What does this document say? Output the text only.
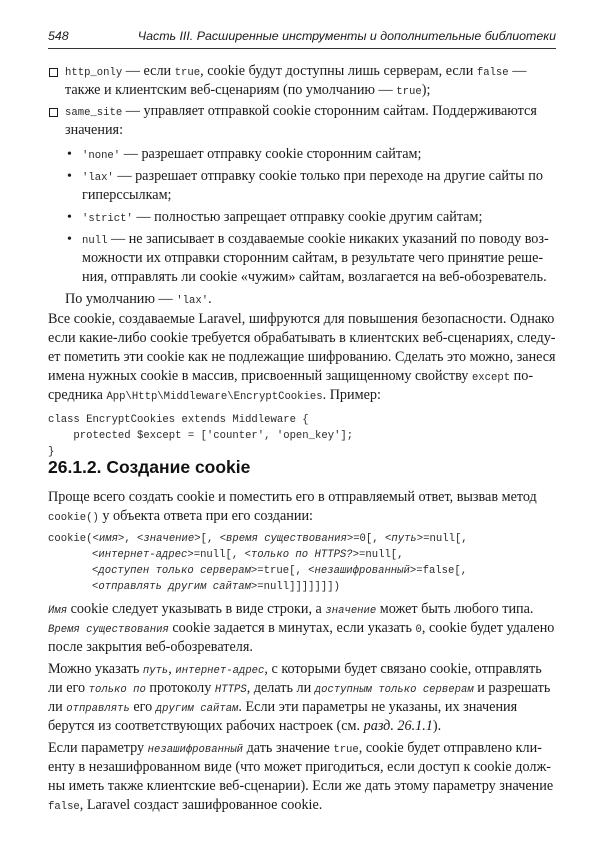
548	Часть III. Расширенные инструменты и дополнительные библиотеки
http_only — если true, cookie будут доступны лишь серверам, если false —
также и клиентским веб-сценариям (по умолчанию — true);
same_site — управляет отправкой cookie сторонним сайтам. Поддерживаются
значения:
• 'none' — разрешает отправку cookie сторонним сайтам;
• 'lax' — разрешает отправку cookie только при переходе на другие сайты по
гиперссылкам;
• 'strict' — полностью запрещает отправку cookie другим сайтам;
• null — не записывает в создаваемые cookie никаких указаний по поводу воз-
можности их отправки сторонним сайтам, в результате чего принятие реше-
ния, отправлять ли cookie «чужим» сайтам, возлагается на веб-обозреватель.
По умолчанию — 'lax'.
Все cookie, создаваемые Laravel, шифруются для повышения безопасности. Однако
если какие-либо cookie требуется обрабатывать в клиентских веб-сценариях, следу-
ет пометить эти cookie как не подлежащие шифрованию. Сделать это можно, занеся
имена нужных cookie в массив, присвоенный защищенному свойству except по-
средника App\Http\Middleware\EncryptCookies. Пример:
class EncryptCookies extends Middleware {
protected $except = ['counter', 'open_key'];
}
26.1.2. Создание cookie
Проще всего создать cookie и поместить его в отправляемый ответ, вызвав метод
cookie() у объекта ответа при его создании:
cookie(<имя>, <значение>[, <время существования>=0[, <путь>=null[,
<интернет-адрес>=null[, <только по HTTPS?>=null[,
<доступен только серверам>=true[, <незашифрованный>=false[,
<отправлять другим сайтам>=null]]]]]]])
Имя cookie следует указывать в виде строки, а значение может быть любого типа.
Время существования cookie задается в минутах, если указать 0, cookie будет удалено
после закрытия веб-обозревателя.
Можно указать путь, интернет-адрес, с которыми будет связано cookie, отправлять
ли его только по протоколу HTTPS, делать ли доступным только серверам и разрешать
ли отправлять его другим сайтам. Если эти параметры не указаны, их значения
берутся из соответствующих рабочих настроек (см. разд. 26.1.1).
Если параметру незашифрованный дать значение true, cookie будет отправлено кли-
енту в незашифрованном виде (что может пригодиться, если доступ к cookie долж-
ны иметь также клиентские веб-сценарии). Если же дать этому параметру значение
false, Laravel создаст зашифрованное cookie.
